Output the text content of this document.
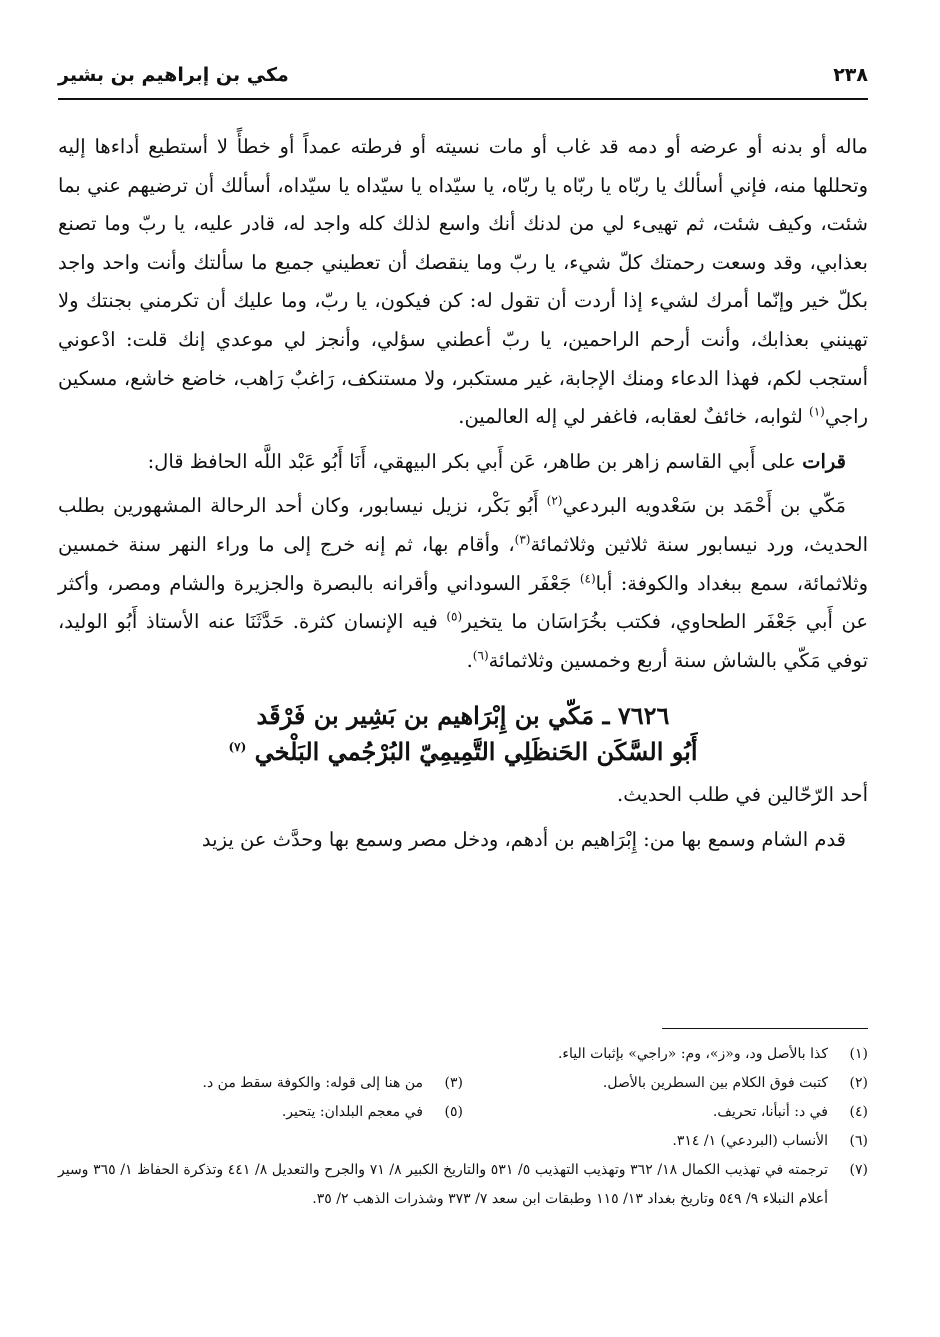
٢٣٨
مكي بن إبراهيم بن بشير

ماله أو بدنه أو عرضه أو دمه قد غاب أو مات نسيته أو فرطته عمداً أو خطأً لا أستطيع أداءها إليه وتحللها منه، فإني أسألك يا ربّاه يا ربّاه يا ربّاه، يا سيّداه يا سيّداه يا سيّداه، أسألك أن ترضيهم عني بما شئت، وكيف شئت، ثم تهيىء لي من لدنك أنك واسع لذلك كله واجد له، قادر عليه، يا ربّ وما تصنع بعذابي، وقد وسعت رحمتك كلّ شيء، يا ربّ وما ينقصك أن تعطيني جميع ما سألتك وأنت واحد واجد بكلّ خير وإنّما أمرك لشيء إذا أردت أن تقول له: كن فيكون، يا ربّ، وما عليك أن تكرمني بجنتك ولا تهينني بعذابك، وأنت أرحم الراحمين، يا ربّ أعطني سؤلي، وأنجز لي موعدي إنك قلت: ادْعوني أستجب لكم، فهذا الدعاء ومنك الإجابة، غير مستكبر، ولا مستنكف، رَاغبٌ رَاهب، خاضع خاشع، مسكين راجي$^{(١)}$ لثوابه، خائفٌ لعقابه، فاغفر لي إله العالمين.

قرات على أَبي القاسم زاهر بن طاهر، عَن أَبي بكر البيهقي، أَنَا أَبُو عَبْد اللَّه الحافظ قال:

مَكّي بن أَحْمَد بن سَعْدويه البردعي$^{(٢)}$ أَبُو بَكْر، نزيل نيسابور، وكان أحد الرحالة المشهورين بطلب الحديث، ورد نيسابور سنة ثلاثين وثلاثمائة$^{(٣)}$، وأقام بها، ثم إنه خرج إلى ما وراء النهر سنة خمسين وثلاثمائة، سمع ببغداد والكوفة: أبا$^{(٤)}$ جَعْفَر السوداني وأقرانه بالبصرة والجزيرة والشام ومصر، وأكثر عن أَبي جَعْفَر الطحاوي، فكتب بخُرَاسَان ما يتخير$^{(٥)}$ فيه الإنسان كثرة. حَدَّثَنَا عنه الأستاذ أَبُو الوليد، توفي مَكّي بالشاش سنة أربع وخمسين وثلاثمائة$^{(٦)}$.

٧٦٢٦ ـ مَكّي بن إِبْرَاهيم بن بَشِير بن فَرْقَد
أَبُو السَّكَن الحَنظَلِي التَّمِيمِيّ البُرْجُمي البَلْخي $^{(٧)}$

أحد الرّحّالين في طلب الحديث.

قدم الشام وسمع بها من: إِبْرَاهيم بن أدهم، ودخل مصر وسمع بها وحدَّث عن يزيد

(١)
كذا بالأصل ود، و«ز»، وم: «راجي» بإثبات الياء.
(٢)
كتبت فوق الكلام بين السطرين بالأصل.
(٣)
من هنا إلى قوله: والكوفة سقط من د.
(٤)
في د: أنبأنا، تحريف.
(٥)
في معجم البلدان: يتحير.
(٦)
الأنساب (البردعي) ١/ ٣١٤.
(٧)
ترجمته في تهذيب الكمال ١٨/ ٣٦٢ وتهذيب التهذيب ٥/ ٥٣١ والتاريخ الكبير ٨/ ٧١ والجرح والتعديل ٨/ ٤٤١ وتذكرة الحفاظ ١/ ٣٦٥ وسير أعلام النبلاء ٩/ ٥٤٩ وتاريخ بغداد ١٣/ ١١٥ وطبقات ابن سعد ٧/ ٣٧٣ وشذرات الذهب ٢/ ٣٥.
